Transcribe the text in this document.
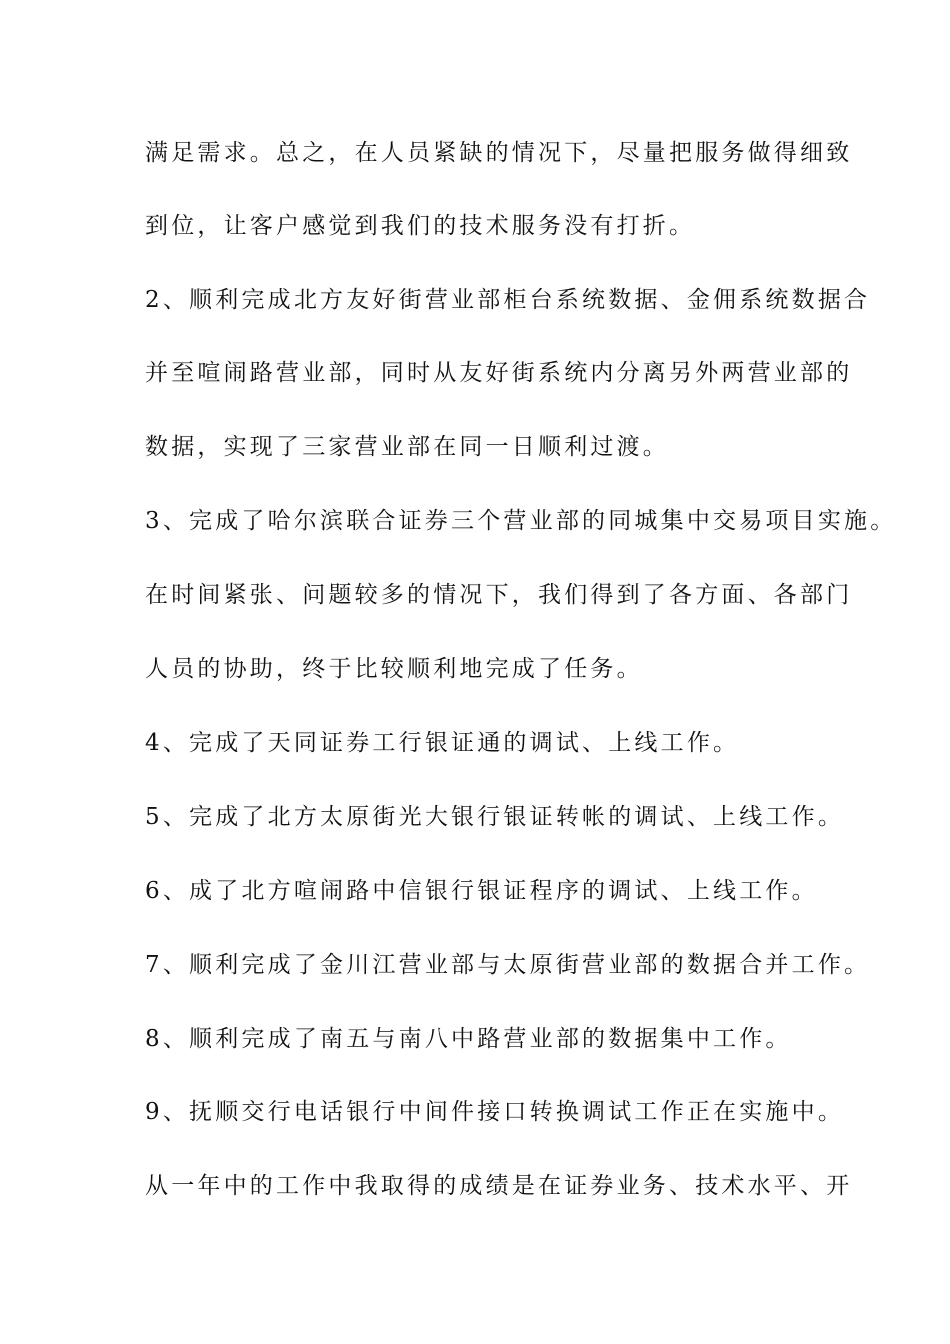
满足需求。总之，在人员紧缺的情况下，尽量把服务做得细致
到位，让客户感觉到我们的技术服务没有打折。
2、顺利完成北方友好街营业部柜台系统数据、金佣系统数据合
并至喧闹路营业部，同时从友好街系统内分离另外两营业部的
数据，实现了三家营业部在同一日顺利过渡。
3、完成了哈尔滨联合证券三个营业部的同城集中交易项目实施。
在时间紧张、问题较多的情况下，我们得到了各方面、各部门
人员的协助，终于比较顺利地完成了任务。
4、完成了天同证券工行银证通的调试、上线工作。
5、完成了北方太原街光大银行银证转帐的调试、上线工作。
6、成了北方喧闹路中信银行银证程序的调试、上线工作。
7、顺利完成了金川江营业部与太原街营业部的数据合并工作。
8、顺利完成了南五与南八中路营业部的数据集中工作。
9、抚顺交行电话银行中间件接口转换调试工作正在实施中。
从一年中的工作中我取得的成绩是在证券业务、技术水平、开
